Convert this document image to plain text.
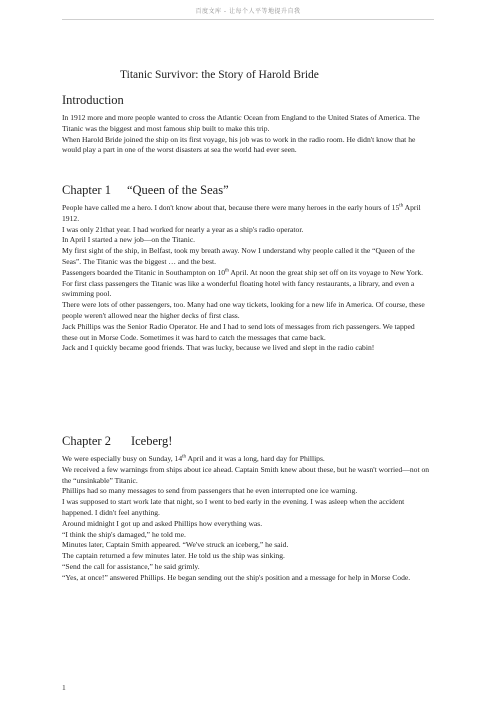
百度文库 - 让每个人平等地提升自我
Titanic Survivor: the Story of Harold Bride
Introduction

In 1912 more and more people wanted to cross the Atlantic Ocean from England to the United States of America. The Titanic was the biggest and most famous ship built to make this trip.

When Harold Bride joined the ship on its first voyage, his job was to work in the radio room. He didn't know that he would play a part in one of the worst disasters at sea the world had ever seen.

Chapter 1 “Queen of the Seas”

People have called me a hero. I don't know about that, because there were many heroes in the early hours of 15th April 1912.

I was only 21that year. I had worked for nearly a year as a ship's radio operator.

In April I started a new job—on the Titanic.

My first sight of the ship, in Belfast, took my breath away. Now I understand why people called it the “Queen of the Seas”. The Titanic was the biggest … and the best.

Passengers boarded the Titanic in Southampton on 10th April. At noon the great ship set off on its voyage to New York.

For first class passengers the Titanic was like a wonderful floating hotel with fancy restaurants, a library, and even a swimming pool.

There were lots of other passengers, too. Many had one way tickets, looking for a new life in America. Of course, these people weren't allowed near the higher decks of first class.

Jack Phillips was the Senior Radio Operator. He and I had to send lots of messages from rich passengers. We tapped these out in Morse Code. Sometimes it was hard to catch the messages that came back.

Jack and I quickly became good friends. That was lucky, because we lived and slept in the radio cabin!

Chapter 2 Iceberg!

We were especially busy on Sunday, 14th April and it was a long, hard day for Phillips.

We received a few warnings from ships about ice ahead. Captain Smith knew about these, but he wasn't worried—not on the “unsinkable” Titanic.

Phillips had so many messages to send from passengers that he even interrupted one ice warning.

I was supposed to start work late that night, so I went to bed early in the evening. I was asleep when the accident happened. I didn't feel anything.

Around midnight I got up and asked Phillips how everything was.

“I think the ship's damaged,” he told me.

Minutes later, Captain Smith appeared. “We've struck an iceberg,” he said.

The captain returned a few minutes later. He told us the ship was sinking.

“Send the call for assistance,” he said grimly.

“Yes, at once!” answered Phillips. He began sending out the ship's position and a message for help in Morse Code.

1
